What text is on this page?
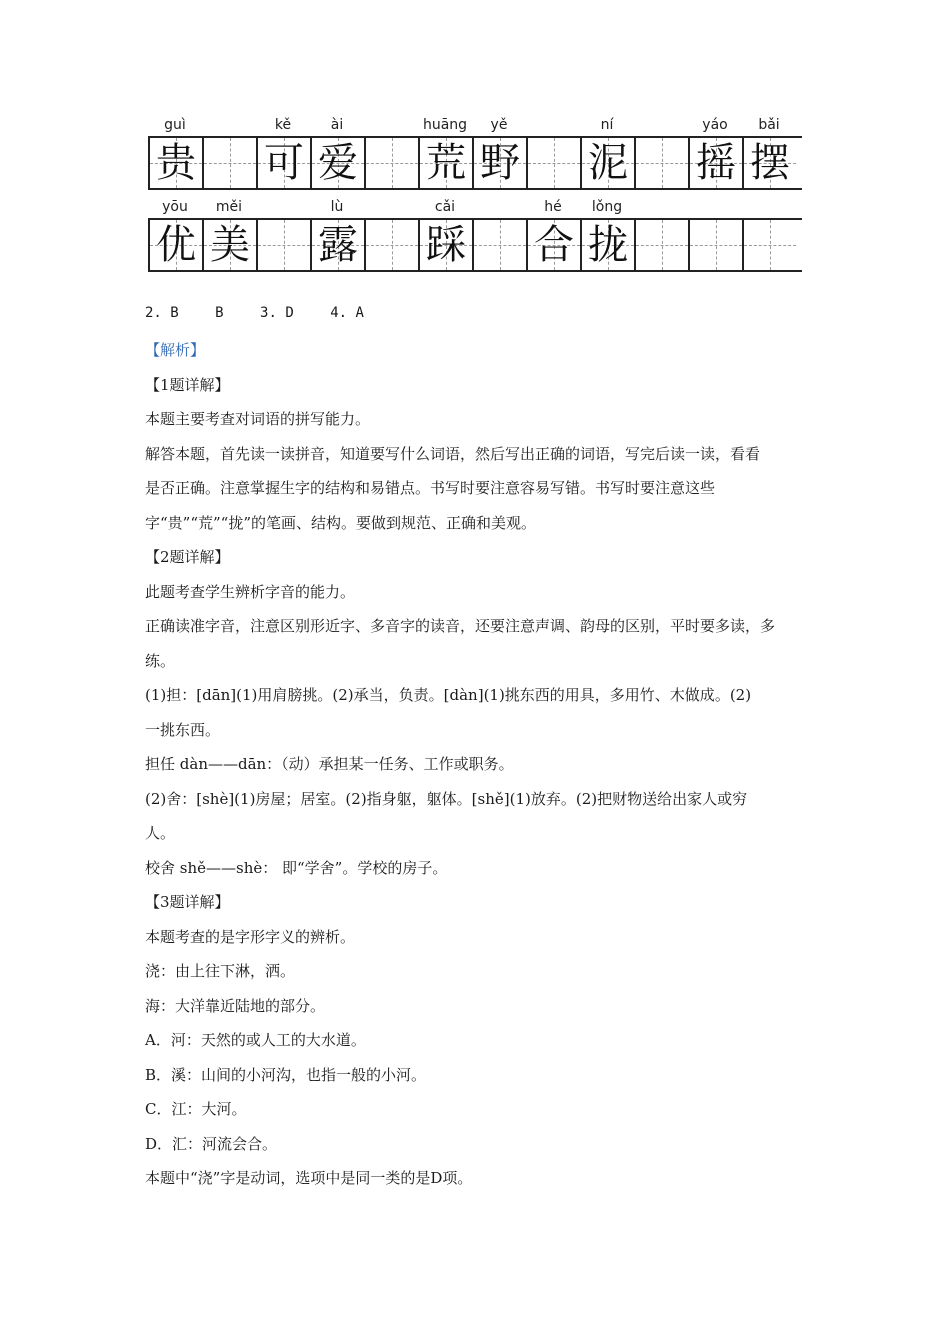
guì	kě	ài	huāng	yě	ní	yáo	bǎi
贵 可 爱 荒 野 泥 摇 摆
yōu	měi	lù	cǎi	hé	lǒng
优 美 露 踩 合 拢
2. B	B	3. D	4. A
【解析】
【1题详解】
本题主要考查对词语的拼写能力。
解答本题，首先读一读拼音，知道要写什么词语，然后写出正确的词语，写完后读一读，看看
是否正确。注意掌握生字的结构和易错点。书写时要注意容易写错。书写时要注意这些
字“贵”“荒”“拢”的笔画、结构。要做到规范、正确和美观。
【2题详解】
此题考查学生辨析字音的能力。
正确读准字音，注意区别形近字、多音字的读音，还要注意声调、韵母的区别，平时要多读，多
练。
(1)担：[dān](1)用肩膀挑。(2)承当，负责。[dàn](1)挑东西的用具，多用竹、木做成。(2)
一挑东西。
担任 dàn——dān：（动）承担某一任务、工作或职务。
(2)舍：[shè](1)房屋；居室。(2)指身躯，躯体。[shě](1)放弃。(2)把财物送给出家人或穷
人。
校舍 shě——shè： 即“学舍”。学校的房子。
【3题详解】
本题考查的是字形字义的辨析。
浇：由上往下淋，洒。
海：大洋靠近陆地的部分。
A．河：天然的或人工的大水道。
B．溪：山间的小河沟，也指一般的小河。
C．江：大河。
D．汇：河流会合。
本题中“浇”字是动词，选项中是同一类的是D项。
